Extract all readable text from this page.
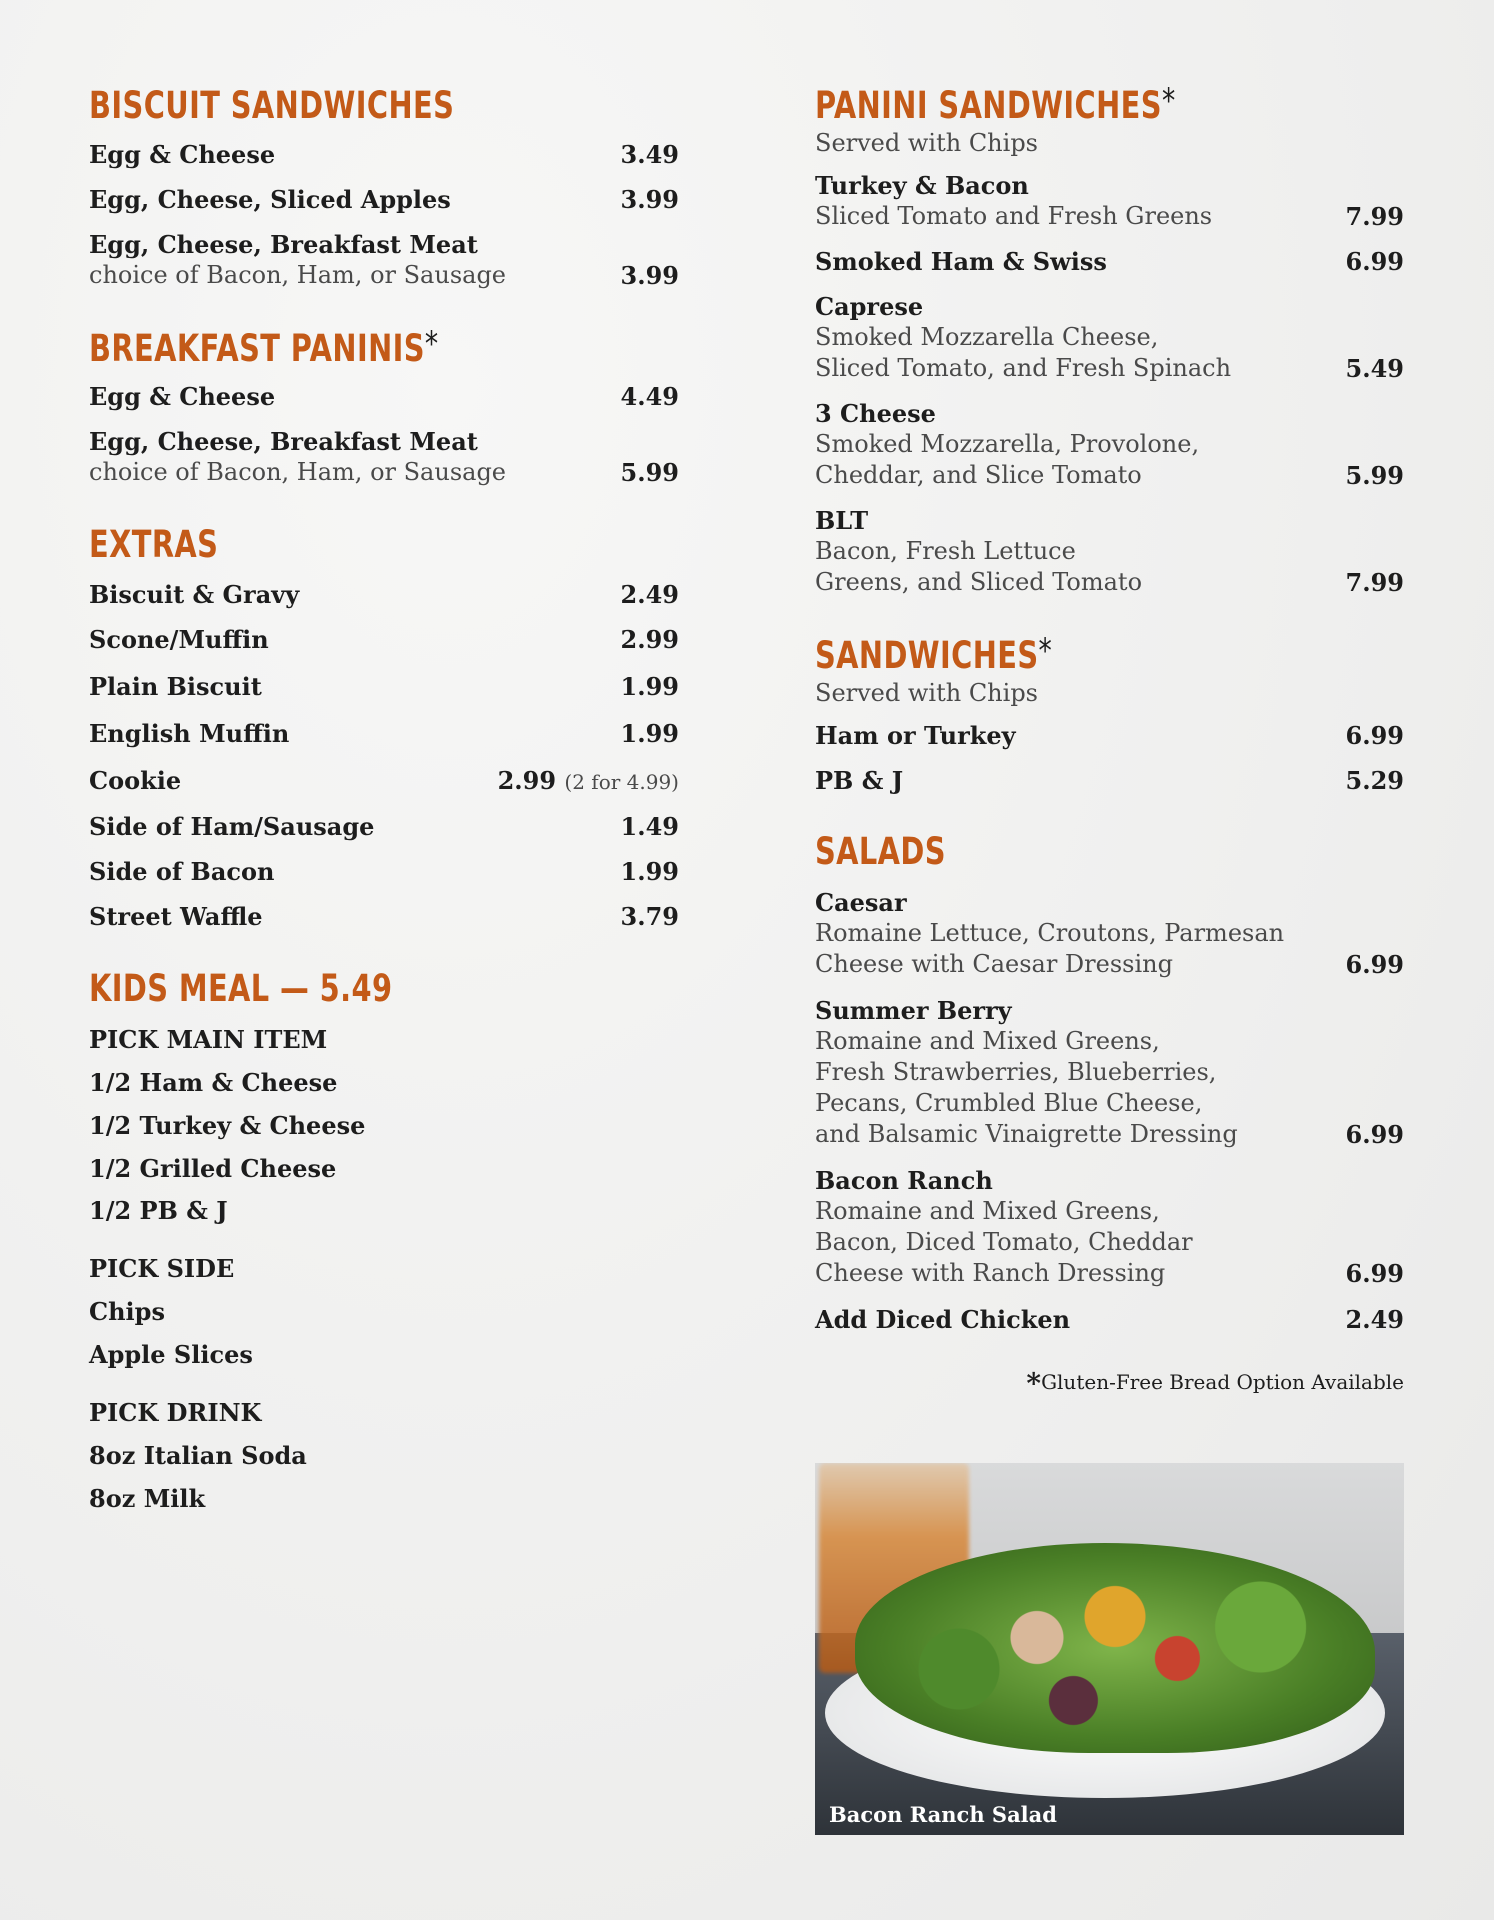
BISCUIT SANDWICHES
Egg & Cheese	3.49
Egg, Cheese, Sliced Apples	3.99
Egg, Cheese, Breakfast Meat
choice of Bacon, Ham, or Sausage	3.99
BREAKFAST PANINIS*
Egg & Cheese	4.49
Egg, Cheese, Breakfast Meat
choice of Bacon, Ham, or Sausage	5.99
EXTRAS
Biscuit & Gravy	2.49
Scone/Muffin	2.99
Plain Biscuit	1.99
English Muffin	1.99
Cookie	2.99 (2 for 4.99)
Side of Ham/Sausage	1.49
Side of Bacon	1.99
Street Waffle	3.79
KIDS MEAL — 5.49
PICK MAIN ITEM
1/2 Ham & Cheese
1/2 Turkey & Cheese
1/2 Grilled Cheese
1/2 PB & J
PICK SIDE
Chips
Apple Slices
PICK DRINK
8oz Italian Soda
8oz Milk
PANINI SANDWICHES*
Served with Chips
Turkey & Bacon
Sliced Tomato and Fresh Greens	7.99
Smoked Ham & Swiss	6.99
Caprese
Smoked Mozzarella Cheese,
Sliced Tomato, and Fresh Spinach	5.49
3 Cheese
Smoked Mozzarella, Provolone,
Cheddar, and Slice Tomato	5.99
BLT
Bacon, Fresh Lettuce
Greens, and Sliced Tomato	7.99
SANDWICHES*
Served with Chips
Ham or Turkey	6.99
PB & J	5.29
SALADS
Caesar
Romaine Lettuce, Croutons, Parmesan
Cheese with Caesar Dressing	6.99
Summer Berry
Romaine and Mixed Greens,
Fresh Strawberries, Blueberries,
Pecans, Crumbled Blue Cheese,
and Balsamic Vinaigrette Dressing	6.99
Bacon Ranch
Romaine and Mixed Greens,
Bacon, Diced Tomato, Cheddar
Cheese with Ranch Dressing	6.99
Add Diced Chicken	2.49
*Gluten-Free Bread Option Available
Bacon Ranch Salad
